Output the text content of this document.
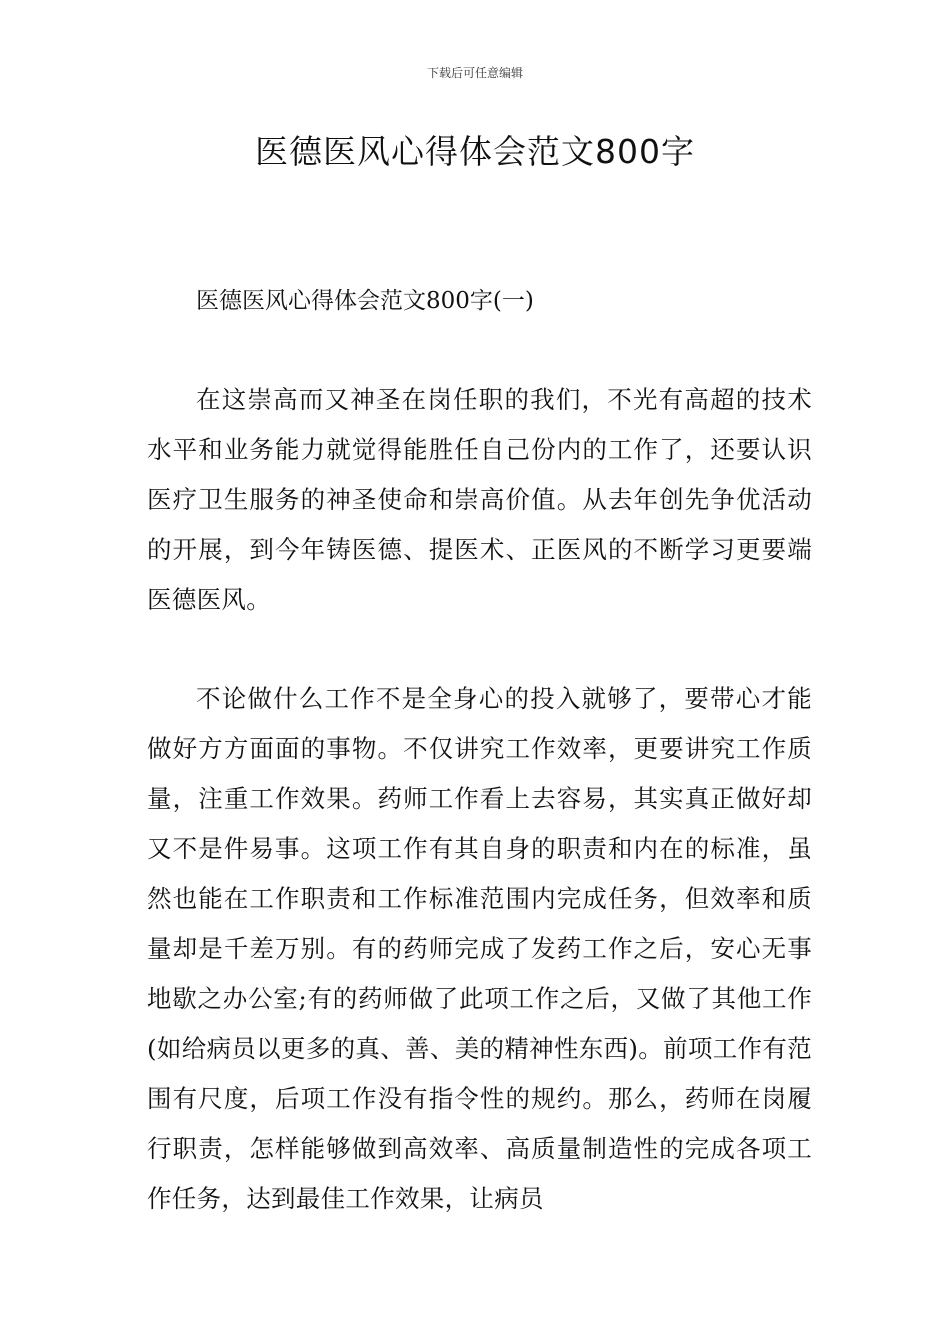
下载后可任意编辑
医德医风心得体会范文800字
医德医风心得体会范文800字(一)

在这崇高而又神圣在岗任职的我们，不光有高超的技术水平和业务能力就觉得能胜任自己份内的工作了，还要认识医疗卫生服务的神圣使命和崇高价值。从去年创先争优活动的开展，到今年铸医德、提医术、正医风的不断学习更要端医德医风。

不论做什么工作不是全身心的投入就够了，要带心才能做好方方面面的事物。不仅讲究工作效率，更要讲究工作质量，注重工作效果。药师工作看上去容易，其实真正做好却又不是件易事。这项工作有其自身的职责和内在的标准，虽然也能在工作职责和工作标准范围内完成任务，但效率和质量却是千差万别。有的药师完成了发药工作之后，安心无事地歇之办公室;有的药师做了此项工作之后，又做了其他工作(如给病员以更多的真、善、美的精神性东西)。前项工作有范围有尺度，后项工作没有指令性的规约。那么，药师在岗履行职责，怎样能够做到高效率、高质量制造性的完成各项工作任务，达到最佳工作效果，让病员
